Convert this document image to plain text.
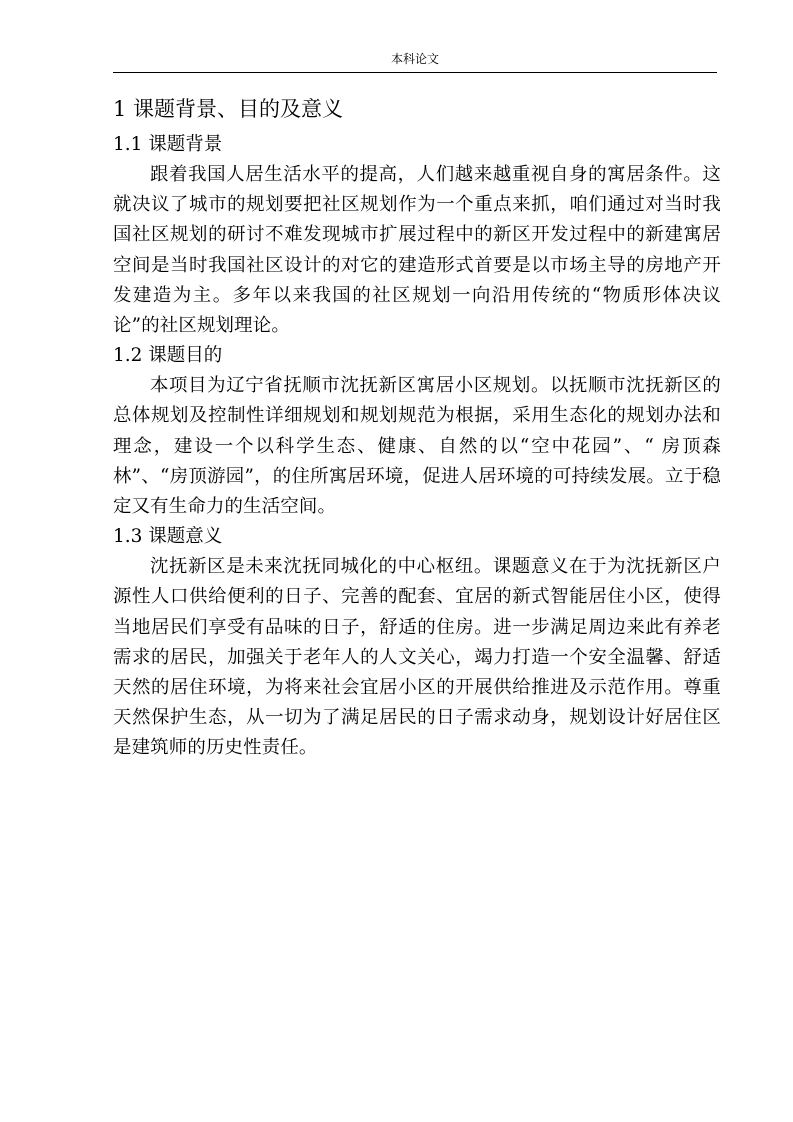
本科论文
1 课题背景、目的及意义
1.1 课题背景

跟着我国人居生活水平的提高，人们越来越重视自身的寓居条件。这就决议了城市的规划要把社区规划作为一个重点来抓，咱们通过对当时我国社区规划的研讨不难发现城市扩展过程中的新区开发过程中的新建寓居空间是当时我国社区设计的对它的建造形式首要是以市场主导的房地产开发建造为主。多年以来我国的社区规划一向沿用传统的“物质形体决议论”的社区规划理论。

1.2 课题目的

本项目为辽宁省抚顺市沈抚新区寓居小区规划。以抚顺市沈抚新区的总体规划及控制性详细规划和规划规范为根据，采用生态化的规划办法和理念，建设一个以科学生态、健康、自然的以“空中花园”、“ 房顶森林”、“房顶游园”，的住所寓居环境，促进人居环境的可持续发展。立于稳定又有生命力的生活空间。

1.3 课题意义

沈抚新区是未来沈抚同城化的中心枢纽。课题意义在于为沈抚新区户源性人口供给便利的日子、完善的配套、宜居的新式智能居住小区，使得当地居民们享受有品味的日子，舒适的住房。进一步满足周边来此有养老需求的居民，加强关于老年人的人文关心，竭力打造一个安全温馨、舒适天然的居住环境，为将来社会宜居小区的开展供给推进及示范作用。尊重天然保护生态，从一切为了满足居民的日子需求动身，规划设计好居住区是建筑师的历史性责任。
